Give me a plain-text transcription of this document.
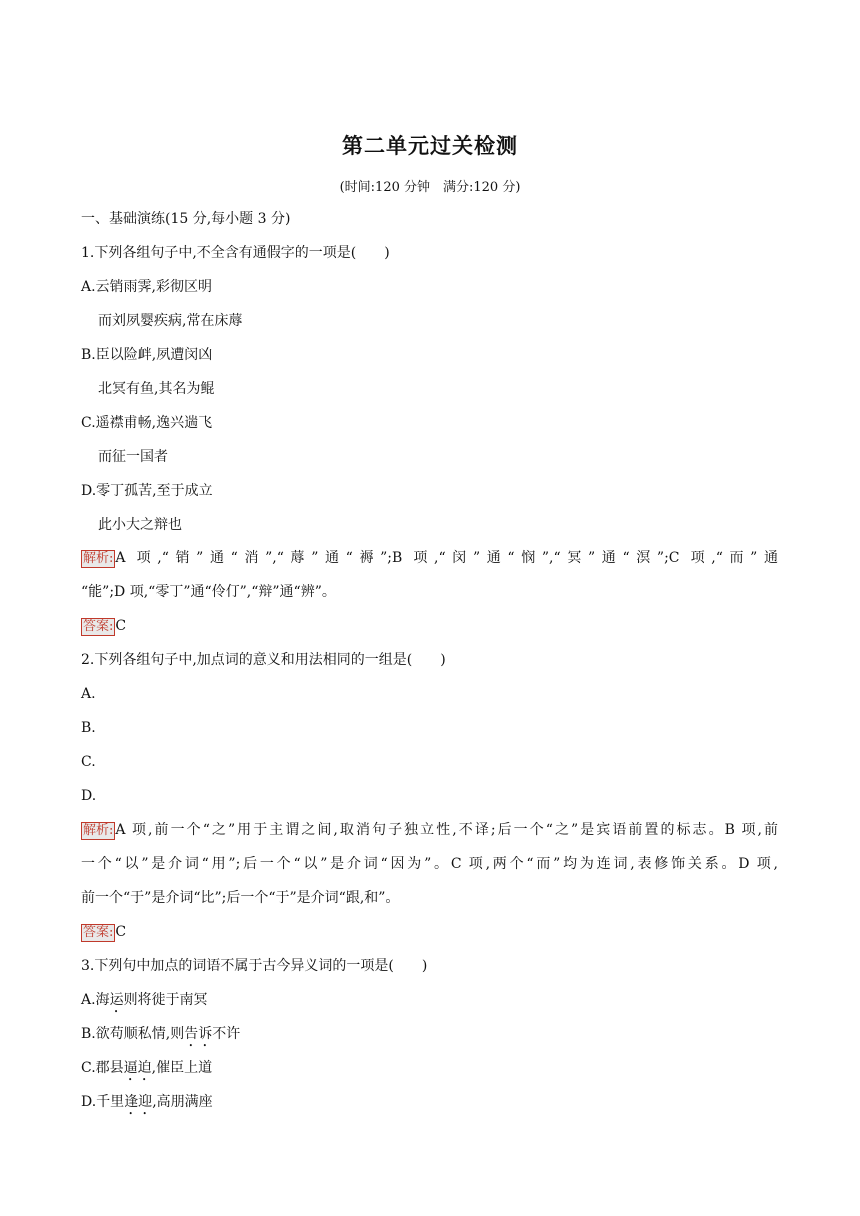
第二单元过关检测
(时间:120 分钟　满分:120 分)
一、基础演练(15 分,每小题 3 分)
1.下列各组句子中,不全含有通假字的一项是(　　)
A.云销雨霁,彩彻区明
而刘夙婴疾病,常在床蓐
B.臣以险衅,夙遭闵凶
北冥有鱼,其名为鲲
C.遥襟甫畅,逸兴遄飞
而征一国者
D.零丁孤苦,至于成立
此小大之辩也
解析: A 项,“销”通“消”,“蓐”通“褥”;B 项,“闵”通“悯”,“冥”通“溟”;C 项,“而”通
“能”;D 项,“零丁”通“伶仃”,“辩”通“辨”。
答案: C
2.下列各组句子中,加点词的意义和用法相同的一组是(　　)
A.
B.
C.
D.
解析: A 项,前一个“之”用于主谓之间,取消句子独立性,不译;后一个“之”是宾语前置的标志。B 项,前
一个“以”是介词“用”;后一个“以”是介词“因为”。C 项,两个“而”均为连词,表修饰关系。D 项,
前一个“于”是介词“比”;后一个“于”是介词“跟,和”。
答案: C
3.下列句中加点的词语不属于古今异义词的一项是(　　)
A.海运则将徙于南冥
B.欲苟顺私情,则告诉不许
C.郡县逼迫,催臣上道
D.千里逢迎,高朋满座
